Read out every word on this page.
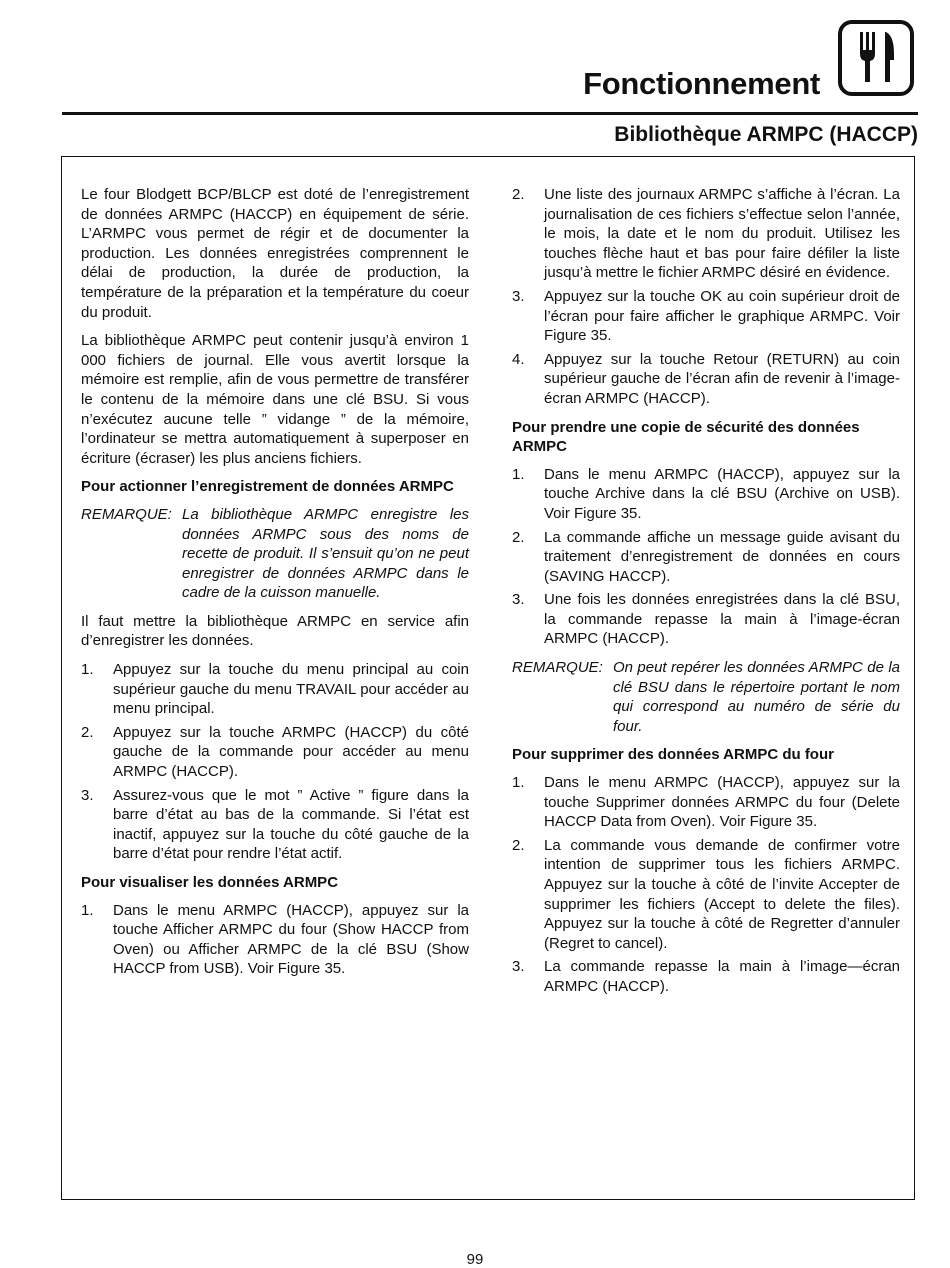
Fonctionnement
Bibliothèque ARMPC (HACCP)

Le four Blodgett BCP/BLCP est doté de l’enregistrement de données ARMPC (HACCP) en équipement de série. L’ARMPC vous permet de régir et de documenter la production. Les données enregistrées comprennent le délai de production, la durée de production, la température de la préparation et la température du coeur du produit.

La bibliothèque ARMPC peut contenir jusqu’à environ 1 000 fichiers de journal. Elle vous avertit lorsque la mémoire est remplie, afin de vous permettre de transférer le contenu de la mémoire dans une clé BSU. Si vous n’exécutez aucune telle ” vidange ” de la mémoire, l’ordinateur se mettra automatiquement à superposer en écriture (écraser) les plus anciens fichiers.

Pour actionner l’enregistrement de données ARMPC
REMARQUE: La bibliothèque ARMPC enregistre les données ARMPC sous des noms de recette de produit. Il s’ensuit qu’on ne peut enregistrer de données ARMPC dans le cadre de la cuisson manuelle.

Il faut mettre la bibliothèque ARMPC en service afin d’enregistrer les données.

1.	Appuyez sur la touche du menu principal au coin supérieur gauche du menu TRAVAIL pour accéder au menu principal.
2.	Appuyez sur la touche ARMPC (HACCP) du côté gauche de la commande pour accéder au menu ARMPC (HACCP).
3.	Assurez-vous que le mot ” Active ” figure dans la barre d’état au bas de la commande. Si l’état est inactif, appuyez sur la touche du côté gauche de la barre d’état pour rendre l’état actif.
Pour visualiser les données ARMPC
1.	Dans le menu ARMPC (HACCP), appuyez sur la touche Afficher ARMPC du four (Show HACCP from Oven) ou Afficher ARMPC de la clé BSU (Show HACCP from USB). Voir Figure 35.
2.	Une liste des journaux ARMPC s’affiche à l’écran. La journalisation de ces fichiers s’effectue selon l’année, le mois, la date et le nom du produit. Utilisez les touches flèche haut et bas pour faire défiler la liste jusqu’à mettre le fichier ARMPC désiré en évidence.
3.	Appuyez sur la touche OK au coin supérieur droit de l’écran pour faire afficher le graphique ARMPC. Voir Figure 35.
4.	Appuyez sur la touche Retour (RETURN) au coin supérieur gauche de l’écran afin de revenir à l’image-écran ARMPC (HACCP).
Pour prendre une copie de sécurité des données ARMPC
1.	Dans le menu ARMPC (HACCP), appuyez sur la touche Archive dans la clé BSU (Archive on USB). Voir Figure 35.
2.	La commande affiche un message guide avisant du traitement d’enregistrement de données en cours (SAVING HACCP).
3.	Une fois les données enregistrées dans la clé BSU, la commande repasse la main à l’image-écran ARMPC (HACCP).
REMARQUE: On peut repérer les données ARMPC de la clé BSU dans le répertoire portant le nom qui correspond au numéro de série du four.
Pour supprimer des données ARMPC du four
1.	Dans le menu ARMPC (HACCP), appuyez sur la touche Supprimer données ARMPC du four (Delete HACCP Data from Oven). Voir Figure 35.
2.	La commande vous demande de confirmer votre intention de supprimer tous les fichiers ARMPC. Appuyez sur la touche à côté de l’invite Accepter de supprimer les fichiers (Accept to delete the files). Appuyez sur la touche à côté de Regretter d’annuler (Regret to cancel).
3.	La commande repasse la main à l’image—écran ARMPC (HACCP).
99
